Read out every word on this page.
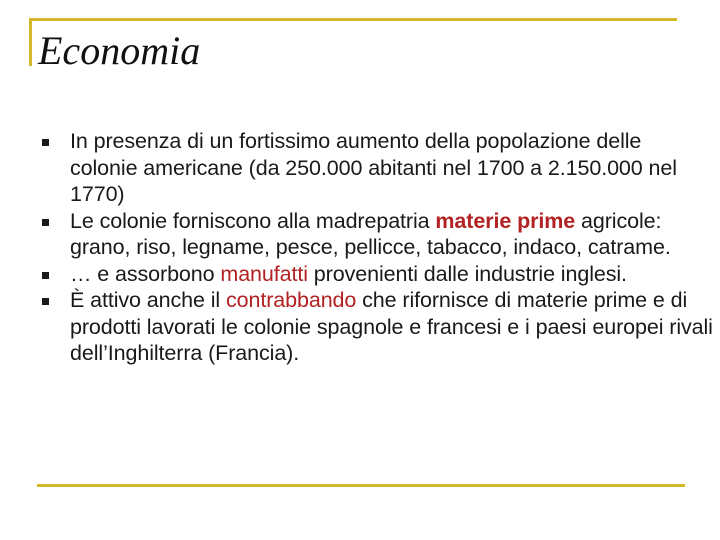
Economia
In presenza di un fortissimo aumento della popolazione delle colonie americane (da 250.000 abitanti nel 1700 a 2.150.000 nel 1770)
Le colonie forniscono alla madrepatria materie prime agricole: grano, riso, legname, pesce, pellicce, tabacco, indaco, catrame.
… e assorbono manufatti provenienti dalle industrie inglesi.
È attivo anche il contrabbando che rifornisce di materie prime e di prodotti lavorati le colonie spagnole e francesi e i paesi europei rivali dell’Inghilterra (Francia).
